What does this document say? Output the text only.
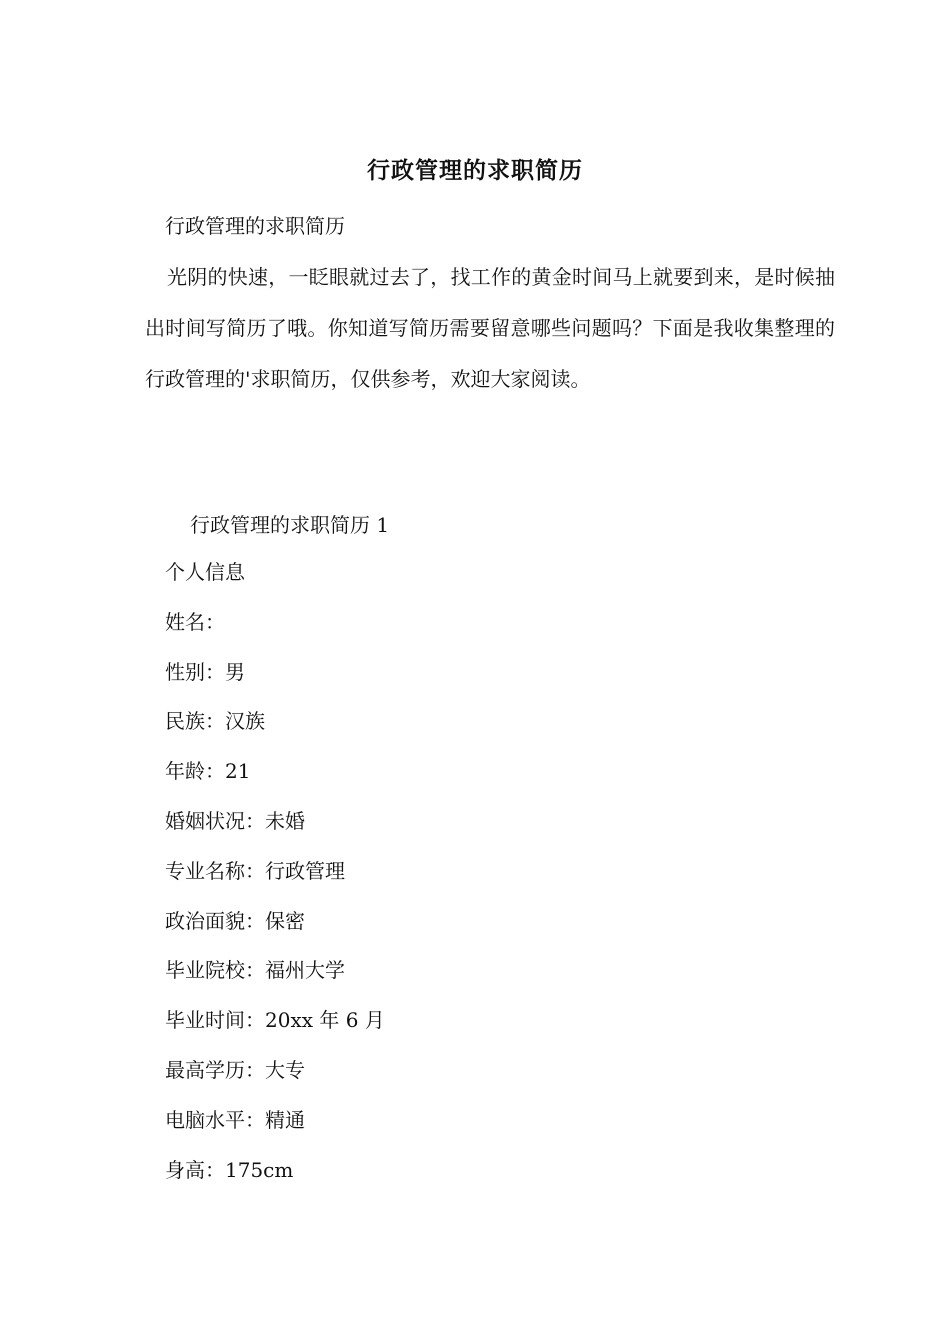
行政管理的求职简历
行政管理的求职简历
光阴的快速，一眨眼就过去了，找工作的黄金时间马上就要到来，是时候抽出时间写简历了哦。你知道写简历需要留意哪些问题吗？下面是我收集整理的行政管理的'求职简历，仅供参考，欢迎大家阅读。
行政管理的求职简历 1
个人信息
姓名：
性别：男
民族：汉族
年龄：21
婚姻状况：未婚
专业名称：行政管理
政治面貌：保密
毕业院校：福州大学
毕业时间：20xx 年 6 月
最高学历：大专
电脑水平：精通
身高：175cm
